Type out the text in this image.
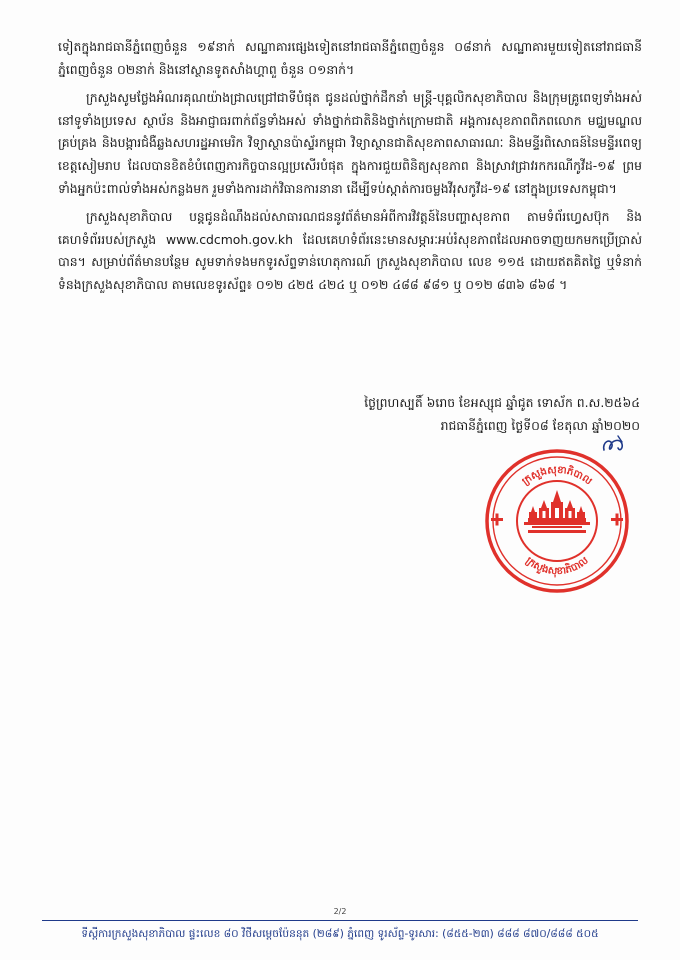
ទៀតក្នុងរាជធានីភ្នំពេញចំនួន ១៩នាក់ សណ្ឋាគារផ្សេងទៀតនៅរាជធានីភ្នំពេញចំនួន ០៨នាក់ សណ្ឋាគារមួយទៀតនៅរាជធានីភ្នំពេញចំនួន ០២នាក់ និងនៅស្ថានទូតសាំងហ្គាពួ ចំនួន ០១នាក់។

ក្រសួងសូមថ្លែងអំណរគុណយ៉ាងជ្រាលជ្រៅជាទីបំផុត ជូនដល់ថ្នាក់ដឹកនាំ មន្ត្រី-បុគ្គលិកសុខាភិបាល និងក្រុមគ្រូពេទ្យទាំងអស់នៅទូទាំងប្រទេស ស្ថាប័ន និងអាជ្ញាធរពាក់ព័ន្ធទាំងអស់ ទាំងថ្នាក់ជាតិនិងថ្នាក់ក្រោមជាតិ អង្គការសុខភាពពិភពលោក មជ្ឈមណ្ឌលគ្រប់គ្រង និងបង្ការជំងឺឆ្លងសហរដ្ឋអាមេរិក វិទ្យាស្ថានប៉ាស្ទ័រកម្ពុជា វិទ្យាស្ថានជាតិសុខភាពសាធារណៈ និងមន្ទីរពិសោធន៍នៃមន្ទីរពេទ្យខេត្តសៀមរាប ដែលបានខិតខំបំពេញភារកិច្ចបានល្អប្រសើរបំផុត ក្នុងការជួយពិនិត្យសុខភាព និងស្រាវជ្រាវរកករណីកូវីដ-១៩ ព្រមទាំងអ្នកប៉ះពាល់ទាំងអស់កន្លងមក រួមទាំងការដាក់វិធានការនានា ដើម្បីទប់ស្កាត់ការចម្លងវីរុសកូវីដ-១៩ នៅក្នុងប្រទេសកម្ពុជា។

ក្រសួងសុខាភិបាល បន្តជូនដំណឹងដល់សាធារណជននូវព័ត៌មានអំពីការវិវត្តន៍នៃបញ្ហាសុខភាព តាមទំព័រហ្វេសប៊ុក និងគេហទំព័ររបស់ក្រសួង www.cdcmoh.gov.kh ដែលគេហទំព័រនេះមានសម្ភារៈអប់រំសុខភាពដែលអាចទាញយកមកប្រើប្រាស់បាន។ សម្រាប់ព័ត៌មានបន្ថែម សូមទាក់ទងមកទូរស័ព្ទទាន់ហេតុការណ៍ ក្រសួងសុខាភិបាល លេខ ១១៥ ដោយឥតគិតថ្លៃ ឬទំនាក់ទំនងក្រសួងសុខាភិបាល តាមលេខទូរស័ព្ទ៖ ០១២ ៤២៥ ៤២៤ ឬ ០១២ ៤៨៨ ៩៨១ ឬ ០១២ ៨៣៦ ៨៦៨ ។

ថ្ងៃព្រហស្បតិ៍ ៦រោច ខែអស្សុជ ឆ្នាំជូត ទោស័ក ព.ស.២៥៦៤
រាជធានីភ្នំពេញ ថ្ងៃទី០៨ ខែតុលា ឆ្នាំ២០២០
ក្រសួងសុខាភិបាល
ក្រសួងសុខាភិបាល
2/2
ទីស្តីការក្រសួងសុខាភិបាល ផ្ទះលេខ ៨០ វិថីសម្តេចប៉ែននុត (២៨៩) ភ្នំពេញ ទូរស័ព្ទ-ទូរសារ: (៨៥៥-២៣) ៨៨៨ ៨៧០/៨៨៨ ៥០៥
